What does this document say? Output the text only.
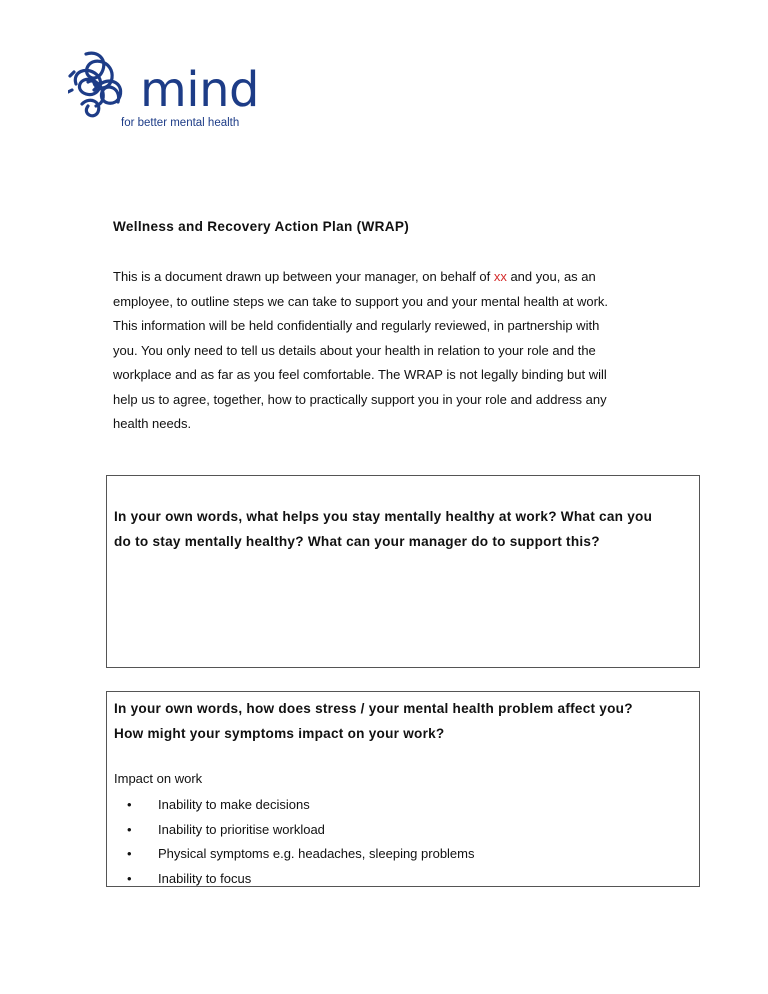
mind
for better mental health
Wellness and Recovery Action Plan (WRAP)
This is a document drawn up between your manager, on behalf of xx and you, as an
employee, to outline steps we can take to support you and your mental health at work.
This information will be held confidentially and regularly reviewed, in partnership with
you. You only need to tell us details about your health in relation to your role and the
workplace and as far as you feel comfortable. The WRAP is not legally binding but will
help us to agree, together, how to practically support you in your role and address any
health needs.
In your own words, what helps you stay mentally healthy at work? What can you
do to stay mentally healthy? What can your manager do to support this?
In your own words, how does stress / your mental health problem affect you?
How might your symptoms impact on your work?
Impact on work
• Inability to make decisions
• Inability to prioritise workload
• Physical symptoms e.g. headaches, sleeping problems
• Inability to focus
